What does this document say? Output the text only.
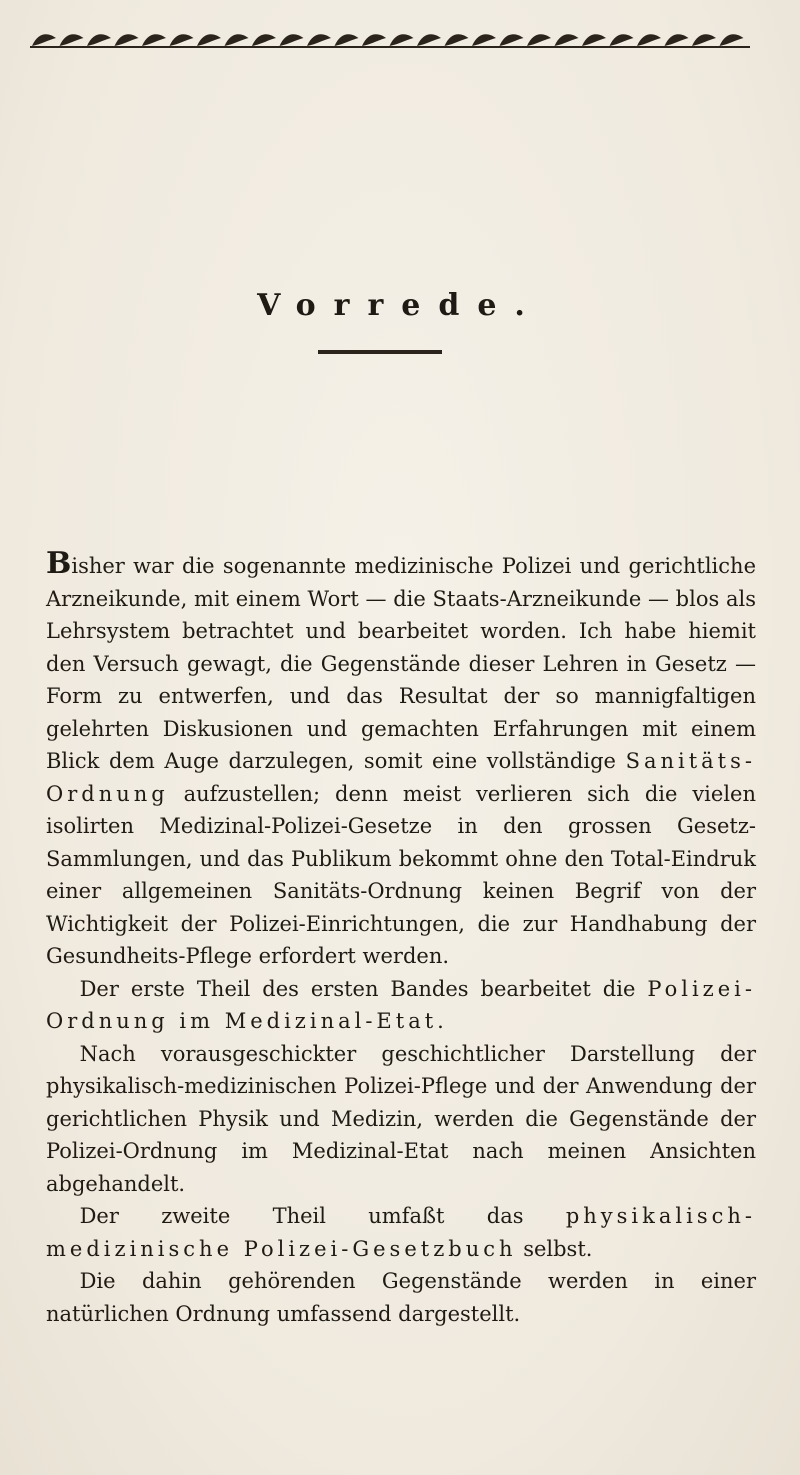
Vorrede.

Bisher war die sogenannte medizinische Polizei und gerichtliche Arzneikunde, mit einem Wort — die Staats-Arzneikunde — blos als Lehrsystem betrachtet und bearbeitet worden. Ich habe hiemit den Versuch gewagt, die Gegenstände dieser Lehren in Gesetz — Form zu entwerfen, und das Resultat der so mannigfaltigen gelehrten Diskusionen und gemachten Erfahrungen mit einem Blick dem Auge darzulegen, somit eine vollständige Sanitäts-Ordnung aufzustellen; denn meist verlieren sich die vielen isolirten Medizinal-Polizei-Gesetze in den grossen Gesetz-Sammlungen, und das Publikum bekommt ohne den Total-Eindruk einer allgemeinen Sanitäts-Ordnung keinen Begrif von der Wichtigkeit der Polizei-Einrichtungen, die zur Handhabung der Gesundheits-Pflege erfordert werden.

Der erste Theil des ersten Bandes bearbeitet die Polizei-Ordnung im Medizinal-Etat.

Nach vorausgeschickter geschichtlicher Darstellung der physikalisch-medizinischen Polizei-Pflege und der Anwendung der gerichtlichen Physik und Medizin, werden die Gegenstände der Polizei-Ordnung im Medizinal-Etat nach meinen Ansichten abgehandelt.

Der zweite Theil umfaßt das physikalisch-medizinische Polizei-Gesetzbuch selbst.

Die dahin gehörenden Gegenstände werden in einer natürlichen Ordnung umfassend dargestellt.
